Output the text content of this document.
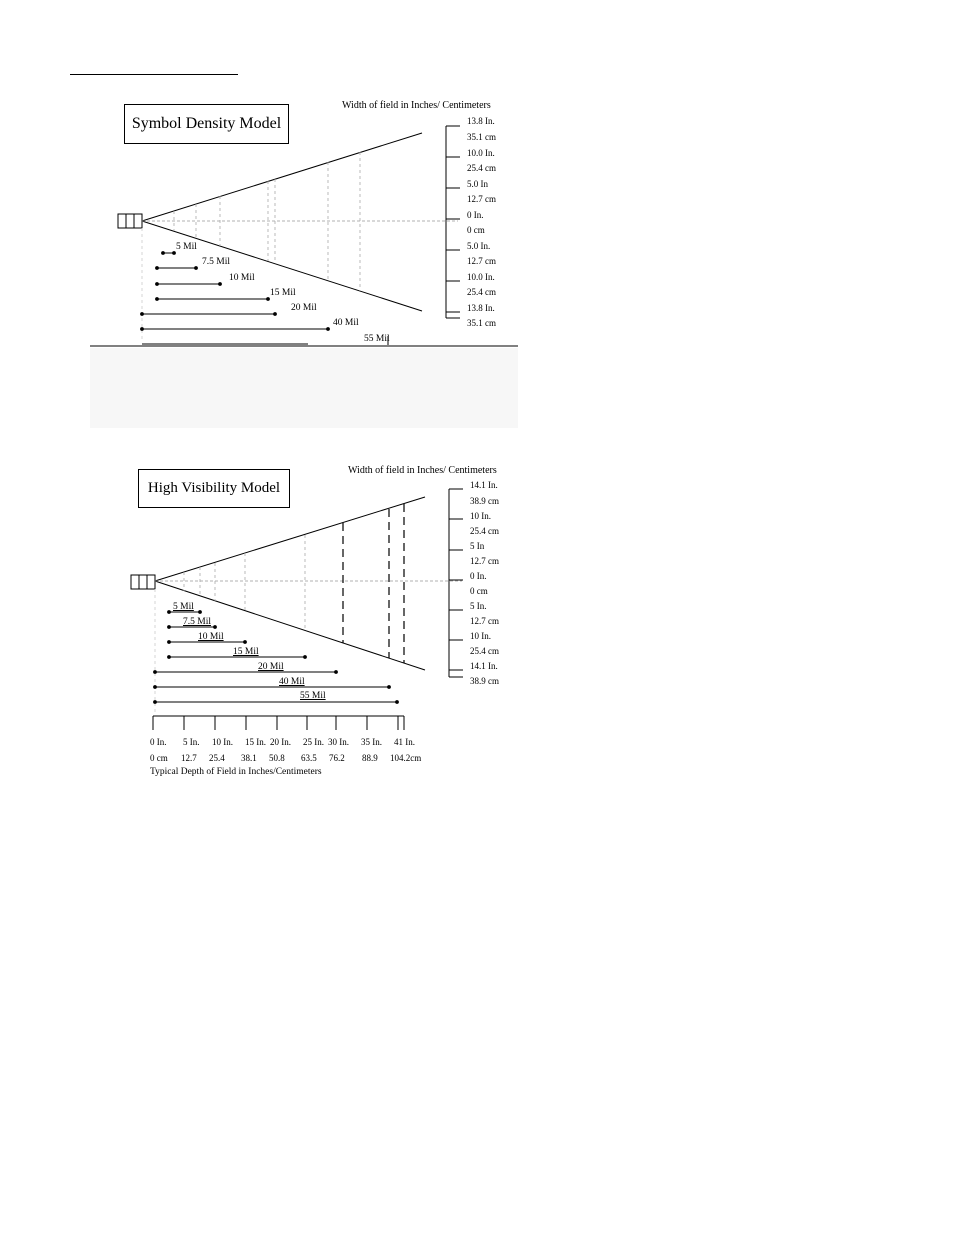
Symbol Density Model
Width of field in Inches/ Centimeters
13.8 In.
35.1 cm
10.0 In.
25.4 cm
5.0 In
12.7 cm
0 In.
0 cm
5.0 In.
12.7 cm
10.0 In.
25.4 cm
13.8 In.
35.1 cm
5 Mil
7.5 Mil
10 Mil
15 Mil
20 Mil
40 Mil
55 Mil
High Visibility Model
Width of field in Inches/ Centimeters
14.1 In.
38.9 cm
10 In.
25.4 cm
5 In
12.7 cm
0 In.
0 cm
5 In.
12.7 cm
10 In.
25.4 cm
14.1 In.
38.9 cm
5 Mil
7.5 Mil
10 Mil
15 Mil
20 Mil
40 Mil
55 Mil
0 In. 5 In. 10 In. 15 In. 20 In. 25 In. 30 In. 35 In. 41 In.
0 cm 12.7 25.4 38.1 50.8 63.5 76.2 88.9 104.2cm
Typical Depth of Field in Inches/Centimeters
